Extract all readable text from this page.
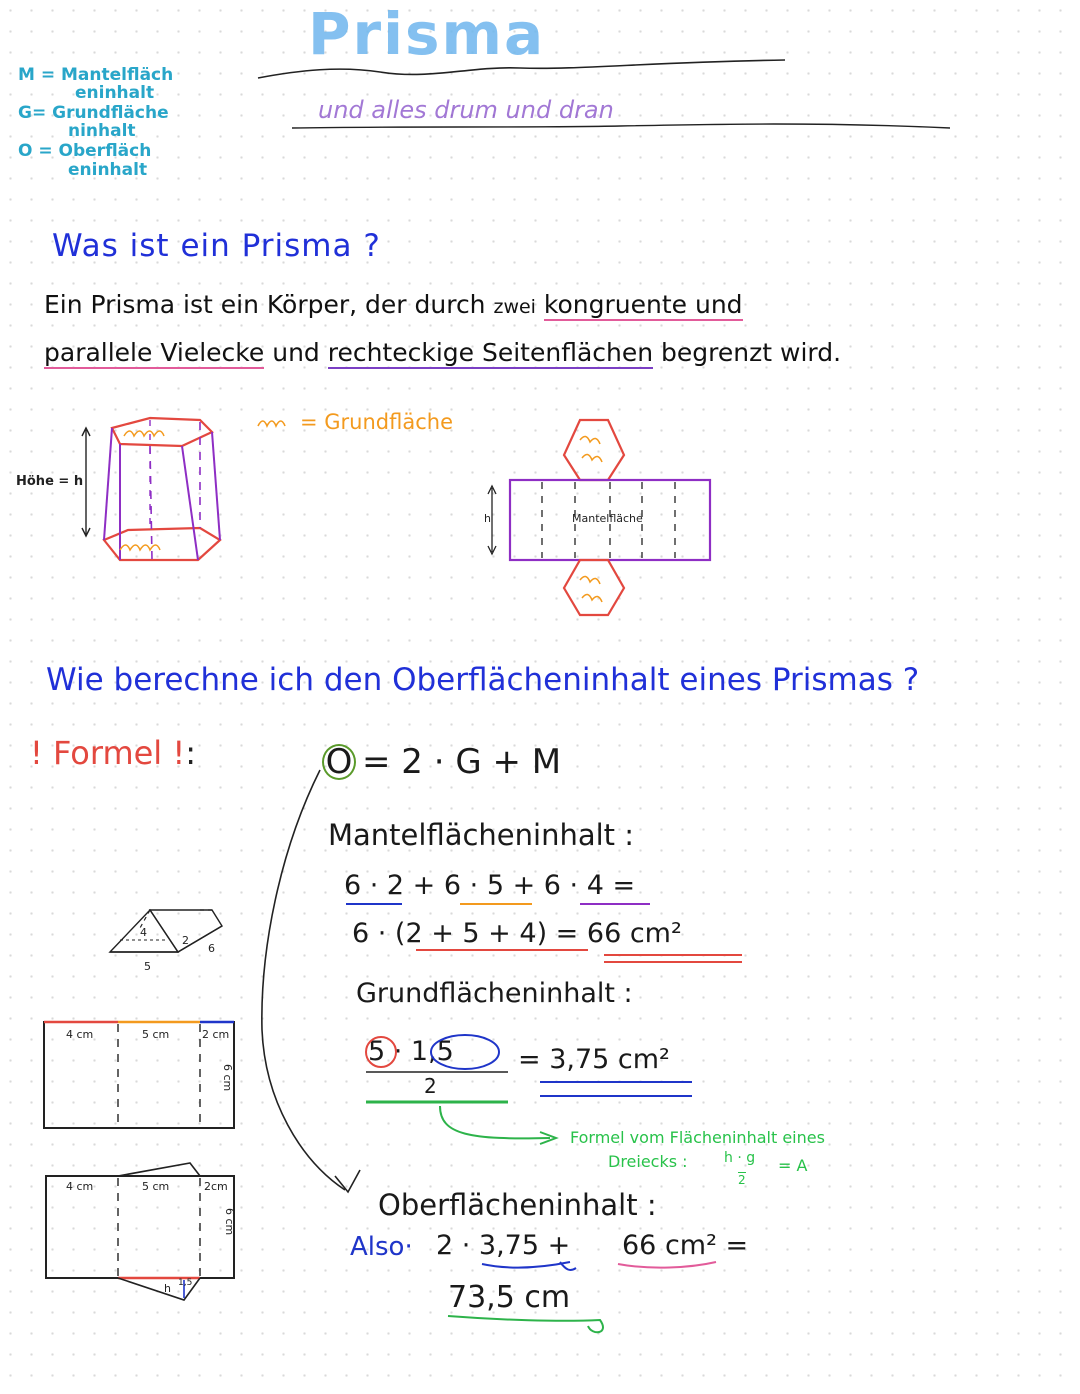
M = Mantelfläch
eninhalt
G= Grundfläche
ninhalt
O = Oberfläch
eninhalt
Prisma
und alles drum und dran
Was ist ein Prisma ?
Ein Prisma ist ein Körper, der durch zwei kongruente und
parallele Vielecke und rechteckige Seitenflächen begrenzt wird.
Höhe = h
= Grundfläche
h	Mantelfläche
Wie berechne ich den Oberflächeninhalt eines Prismas ?
! Formel !:	O = 2 · G + M
Mantelflächeninhalt :
6 · 2 + 6 · 5 + 6 · 4 =
6 · (2 + 5 + 4) = 66 cm²
Grundflächeninhalt :
5 · 1,5
2
= 3,75 cm²
Formel vom Flächeninhalt eines
Dreiecks :	h · g
2
= A
Oberflächeninhalt :
Also· 2 · 3,75 + 66 cm² =
73,5 cm
4
2
6
5
4 cm	5 cm	2 cm
6 cm
4 cm	5 cm	2cm
6 cm
h 1,5
